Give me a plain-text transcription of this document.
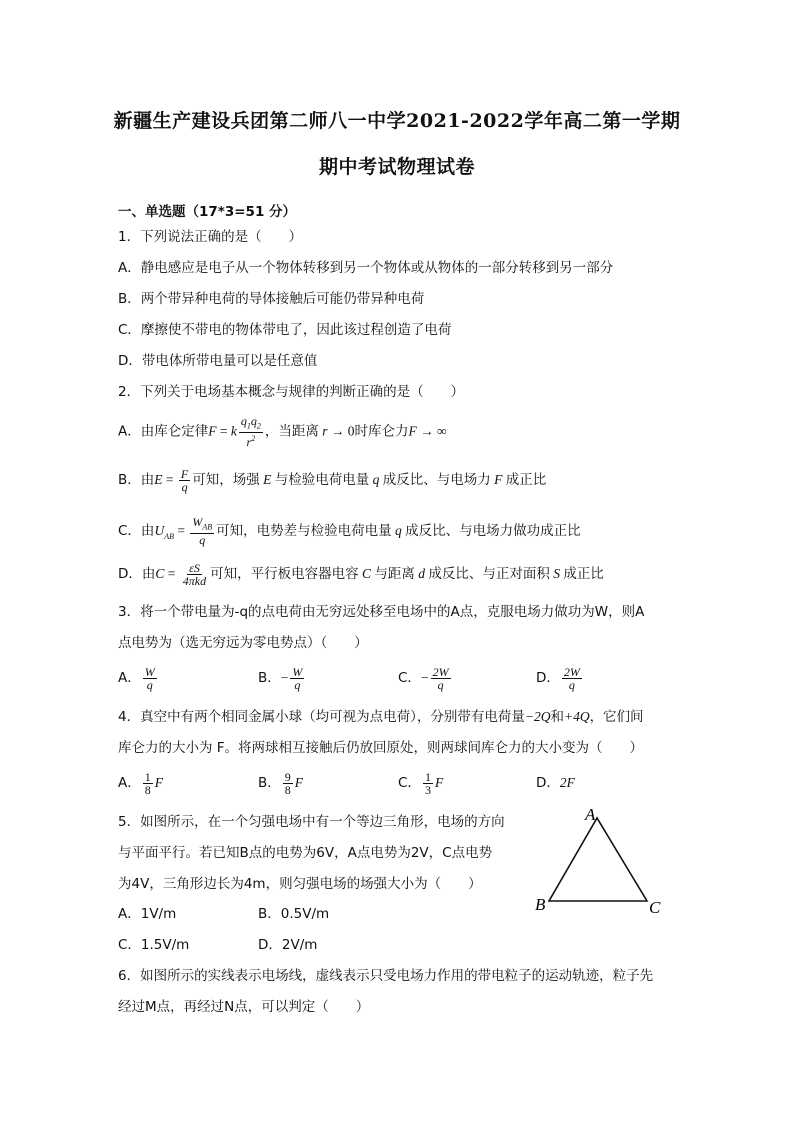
新疆生产建设兵团第二师八一中学2021-2022学年高二第一学期
期中考试物理试卷
一、单选题（17*3=51 分）
1．下列说法正确的是（　　）
A．静电感应是电子从一个物体转移到另一个物体或从物体的一部分转移到另一部分
B．两个带异种电荷的导体接触后可能仍带异种电荷
C．摩擦使不带电的物体带电了，因此该过程创造了电荷
D．带电体所带电量可以是任意值
2．下列关于电场基本概念与规律的判断正确的是（　　）
A．由库仑定律F = k $\frac{q_1q_2}{r^2}$ ，当距离 r → 0时库仑力F → ∞
B．由$E = \frac{F}{q}$ 可知，场强 E 与检验电荷电量 q 成反比、与电场力 F 成正比
C．由$U_{AB} = \frac{W_{AB}}{q}$ 可知，电势差与检验电荷电量 q 成反比、与电场力做功成正比
D．由$C = \frac{\varepsilon S}{\text{4πkd}}$ 可知，平行板电容器电容 C 与距离 d 成反比、与正对面积 S 成正比
3．将一个带电量为-q的点电荷由无穷远处移至电场中的A点，克服电场力做功为W，则A
点电势为（选无穷远为零电势点）（　　）
A． $\frac{W}{q}$	B．− $\frac{W}{q}$	C．− $\frac{2W}{q}$	D． $\frac{2W}{q}$
4．真空中有两个相同金属小球（均可视为点电荷），分别带有电荷量−2Q和+4Q，它们间
库仑力的大小为 F。将两球相互接触后仍放回原处，则两球间库仑力的大小变为（　　）
A． $\frac{1}{8}$ F	B． $\frac{9}{8}$ F	C． $\frac{1}{3}$ F	D．2F
5．如图所示，在一个匀强电场中有一个等边三角形，电场的方向
与平面平行。若已知B点的电势为6V，A点电势为2V，C点电势
为4V，三角形边长为4m，则匀强电场的场强大小为（　　）
A．1V/m	B．0.5V/m
C．1.5V/m	D．2V/m
A
B	C
6．如图所示的实线表示电场线，虚线表示只受电场力作用的带电粒子的运动轨迹，粒子先
经过M点，再经过N点，可以判定（　　）
